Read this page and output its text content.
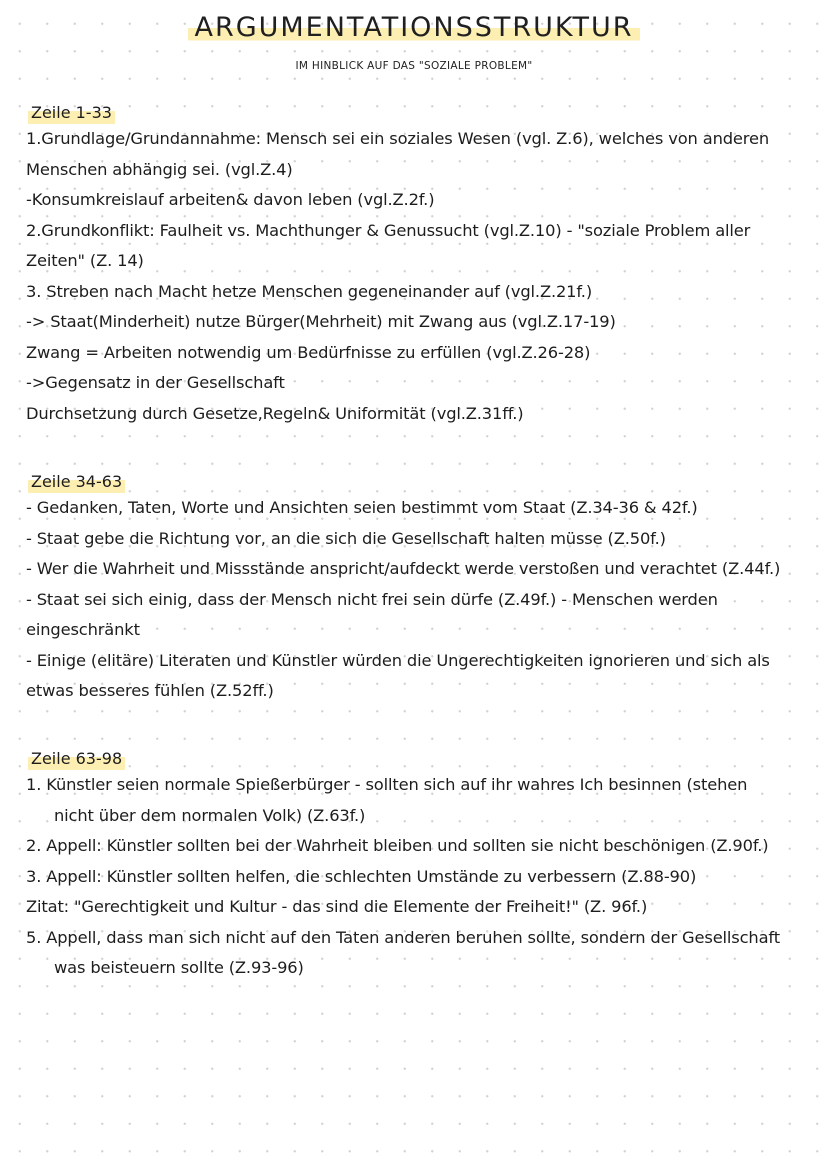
ARGUMENTATIONSSTRUKTUR
IM HINBLICK AUF DAS "SOZIALE PROBLEM"
Zeile 1-33
1.Grundlage/Grundannahme: Mensch sei ein soziales Wesen (vgl. Z.6), welches von anderen
Menschen abhängig sei. (vgl.Z.4)
-Konsumkreislauf arbeiten& davon leben (vgl.Z.2f.)
2.Grundkonflikt: Faulheit vs. Machthunger & Genussucht (vgl.Z.10) - "soziale Problem aller
Zeiten" (Z. 14)
3. Streben nach Macht hetze Menschen gegeneinander auf (vgl.Z.21f.)
-> Staat(Minderheit) nutze Bürger(Mehrheit) mit Zwang aus (vgl.Z.17-19)
Zwang = Arbeiten notwendig um Bedürfnisse zu erfüllen (vgl.Z.26-28)
->Gegensatz in der Gesellschaft
Durchsetzung durch Gesetze,Regeln& Uniformität (vgl.Z.31ff.)
Zeile 34-63
- Gedanken, Taten, Worte und Ansichten seien bestimmt vom Staat (Z.34-36 & 42f.)
- Staat gebe die Richtung vor, an die sich die Gesellschaft halten müsse (Z.50f.)
- Wer die Wahrheit und Missstände anspricht/aufdeckt werde verstoßen und verachtet (Z.44f.)
- Staat sei sich einig, dass der Mensch nicht frei sein dürfe (Z.49f.) - Menschen werden
eingeschränkt
- Einige (elitäre) Literaten und Künstler würden die Ungerechtigkeiten ignorieren und sich als
etwas besseres fühlen (Z.52ff.)
Zeile 63-98
1. Künstler seien normale Spießerbürger - sollten sich auf ihr wahres Ich besinnen (stehen
nicht über dem normalen Volk) (Z.63f.)
2. Appell: Künstler sollten bei der Wahrheit bleiben und sollten sie nicht beschönigen (Z.90f.)
3. Appell: Künstler sollten helfen, die schlechten Umstände zu verbessern (Z.88-90)
Zitat: "Gerechtigkeit und Kultur - das sind die Elemente der Freiheit!" (Z. 96f.)
5. Appell, dass man sich nicht auf den Taten anderen beruhen sollte, sondern der Gesellschaft
was beisteuern sollte (Z.93-96)
